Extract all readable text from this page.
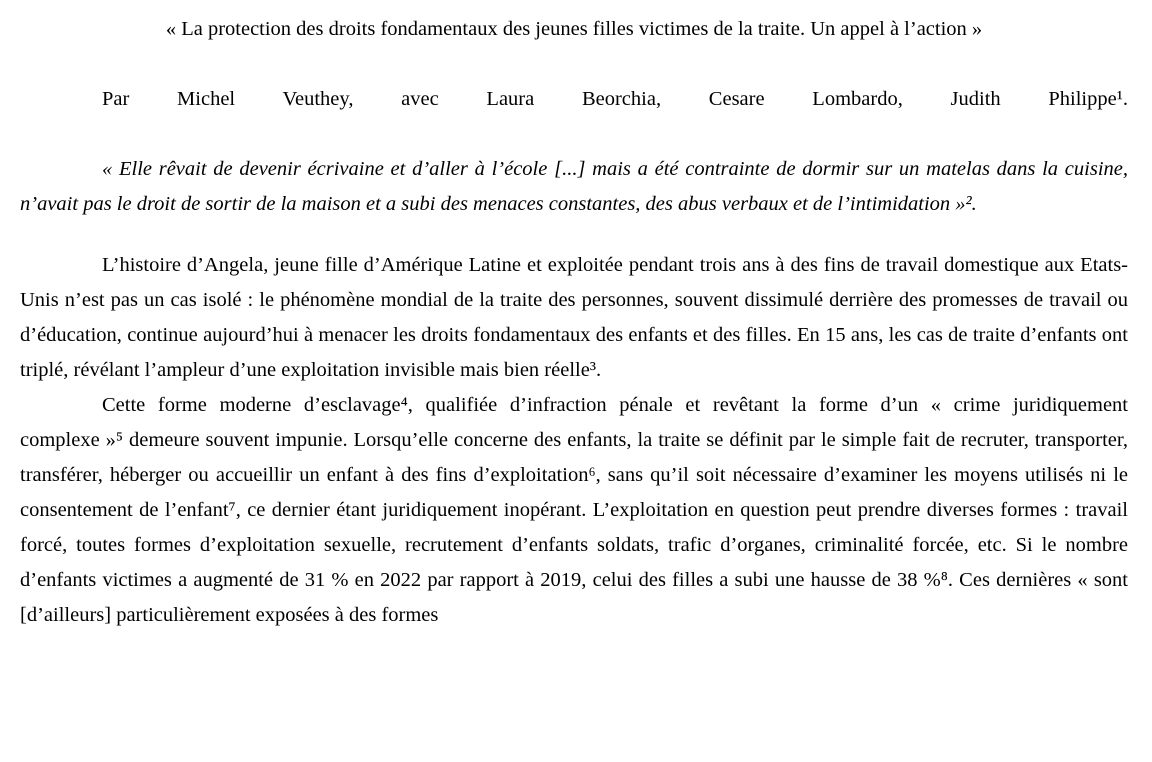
« La protection des droits fondamentaux des jeunes filles victimes de la traite. Un appel à l’action »

Par Michel Veuthey, avec Laura Beorchia, Cesare Lombardo, Judith Philippe¹.

« Elle rêvait de devenir écrivaine et d’aller à l’école [...] mais a été contrainte de dormir sur un matelas dans la cuisine, n’avait pas le droit de sortir de la maison et a subi des menaces constantes, des abus verbaux et de l’intimidation »².

L’histoire d’Angela, jeune fille d’Amérique Latine et exploitée pendant trois ans à des fins de travail domestique aux Etats-Unis n’est pas un cas isolé : le phénomène mondial de la traite des personnes, souvent dissimulé derrière des promesses de travail ou d’éducation, continue aujourd’hui à menacer les droits fondamentaux des enfants et des filles. En 15 ans, les cas de traite d’enfants ont triplé, révélant l’ampleur d’une exploitation invisible mais bien réelle³.

Cette forme moderne d’esclavage⁴, qualifiée d’infraction pénale et revêtant la forme d’un « crime juridiquement complexe »⁵ demeure souvent impunie. Lorsqu’elle concerne des enfants, la traite se définit par le simple fait de recruter, transporter, transférer, héberger ou accueillir un enfant à des fins d’exploitation⁶, sans qu’il soit nécessaire d’examiner les moyens utilisés ni le consentement de l’enfant⁷, ce dernier étant juridiquement inopérant. L’exploitation en question peut prendre diverses formes : travail forcé, toutes formes d’exploitation sexuelle, recrutement d’enfants soldats, trafic d’organes, criminalité forcée, etc. Si le nombre d’enfants victimes a augmenté de 31 % en 2022 par rapport à 2019, celui des filles a subi une hausse de 38 %⁸. Ces dernières « sont [d’ailleurs] particulièrement exposées à des formes
